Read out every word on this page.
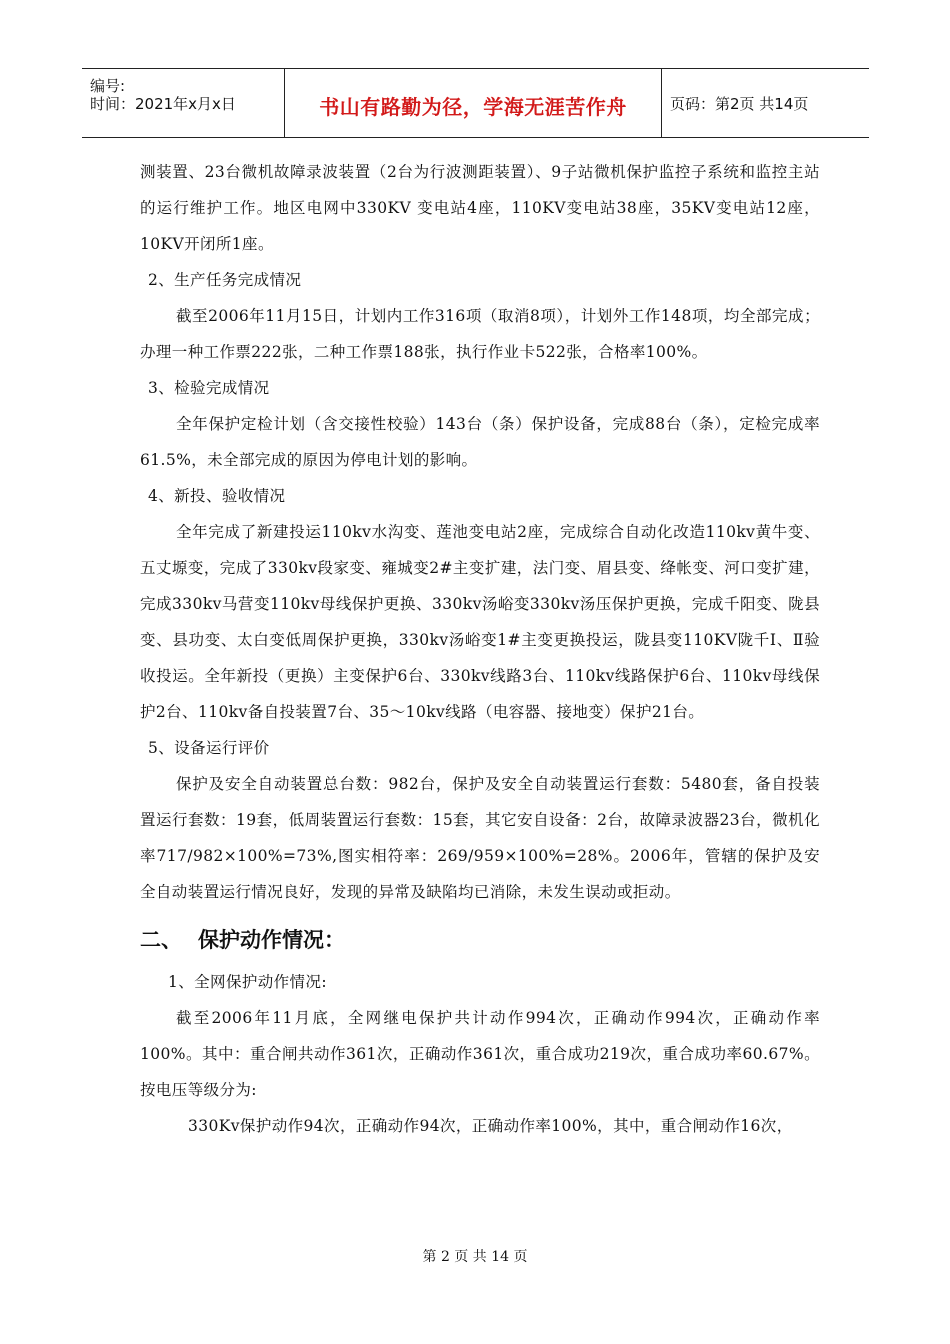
编号:
时间：2021年x月x日	书山有路勤为径，学海无涯苦作舟	页码：第2页 共14页

测装置、23台微机故障录波装置（2台为行波测距装置）、9子站微机保护监控子系统和监控主站的运行维护工作。地区电网中330KV 变电站4座，110KV变电站38座，35KV变电站12座，10KV开闭所1座。

2、生产任务完成情况

截至2006年11月15日，计划内工作316项（取消8项），计划外工作148项，均全部完成；办理一种工作票222张，二种工作票188张，执行作业卡522张，合格率100%。

3、检验完成情况

全年保护定检计划（含交接性校验）143台（条）保护设备，完成88台（条），定检完成率61.5%，未全部完成的原因为停电计划的影响。

4、新投、验收情况

全年完成了新建投运110kv水沟变、莲池变电站2座，完成综合自动化改造110kv黄牛变、五丈塬变，完成了330kv段家变、雍城变2#主变扩建，法门变、眉县变、绛帐变、河口变扩建，完成330kv马营变110kv母线保护更换、330kv汤峪变330kv汤压保护更换，完成千阳变、陇县变、县功变、太白变低周保护更换，330kv汤峪变1#主变更换投运，陇县变110KV陇千Ⅰ、Ⅱ验收投运。全年新投（更换）主变保护6台、330kv线路3台、110kv线路保护6台、110kv母线保护2台、110kv备自投装置7台、35～10kv线路（电容器、接地变）保护21台。

5、设备运行评价

保护及安全自动装置总台数：982台，保护及安全自动装置运行套数：5480套，备自投装置运行套数：19套，低周装置运行套数：15套，其它安自设备：2台，故障录波器23台，微机化率717/982×100%=73%,图实相符率：269/959×100%=28%。2006年，管辖的保护及安全自动装置运行情况良好，发现的异常及缺陷均已消除，未发生误动或拒动。

二、 保护动作情况：

1、全网保护动作情况:

截至2006年11月底，全网继电保护共计动作994次，正确动作994次，正确动作率100%。其中：重合闸共动作361次，正确动作361次，重合成功219次，重合成功率60.67%。按电压等级分为:

330Kv保护动作94次，正确动作94次，正确动作率100%，其中，重合闸动作16次，

第 2 页 共 14 页
